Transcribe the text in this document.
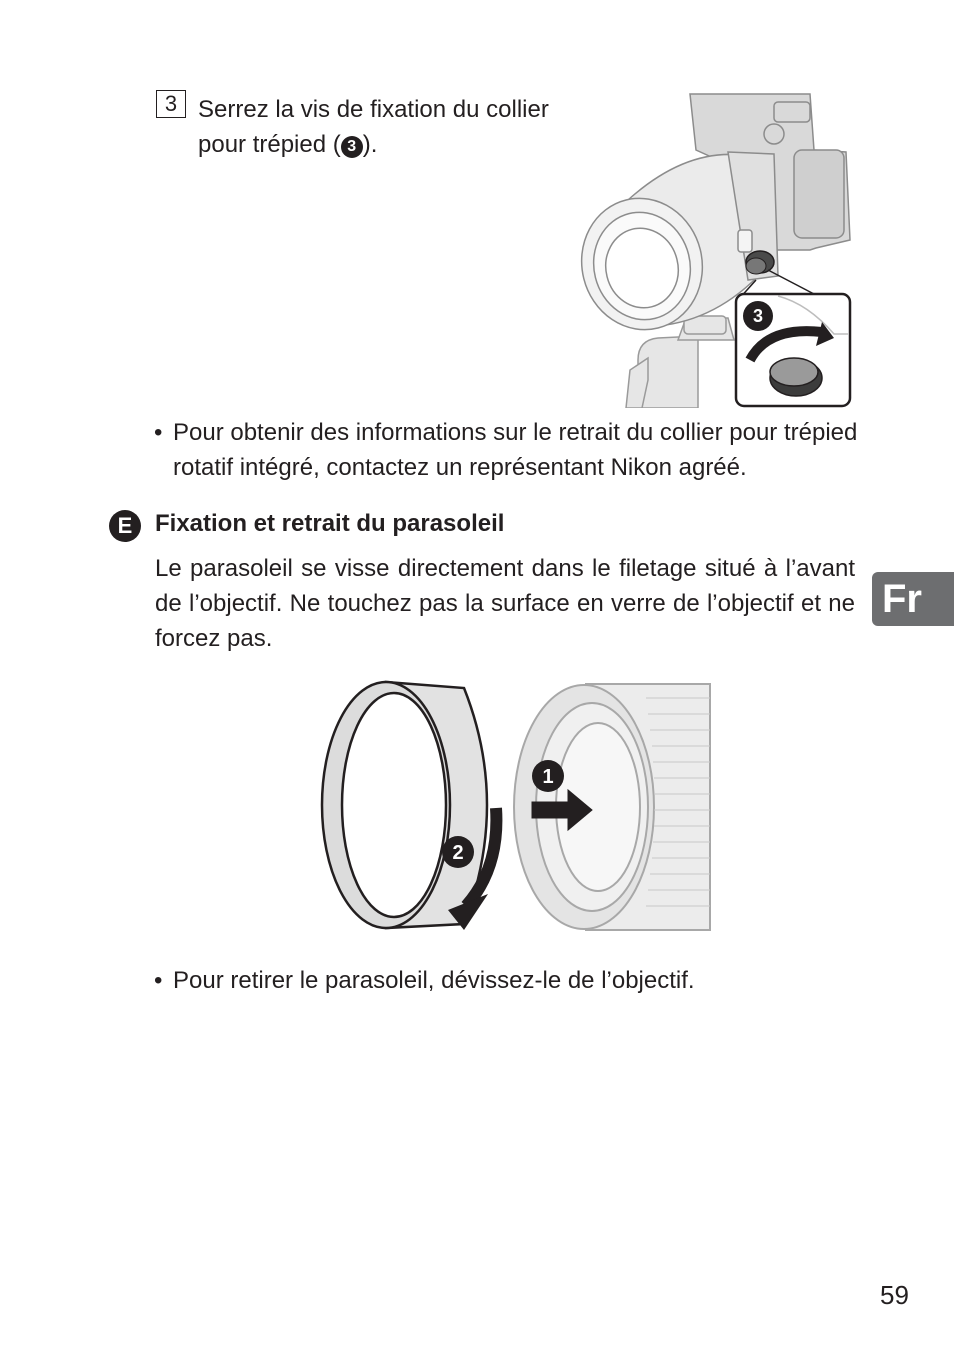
3 Serrez la vis de fixation du collier pour trépied ( 3 ).
3
• Pour obtenir des informations sur le retrait du collier pour trépied rotatif intégré, contactez un représentant Nikon agréé.
E Fixation et retrait du parasoleil
Le parasoleil se visse directement dans le filetage situé à l’avant de l’objectif. Ne touchez pas la surface en verre de l’objectif et ne forcez pas.
Fr
1
2
• Pour retirer le parasoleil, dévissez-le de l’objectif.
59
